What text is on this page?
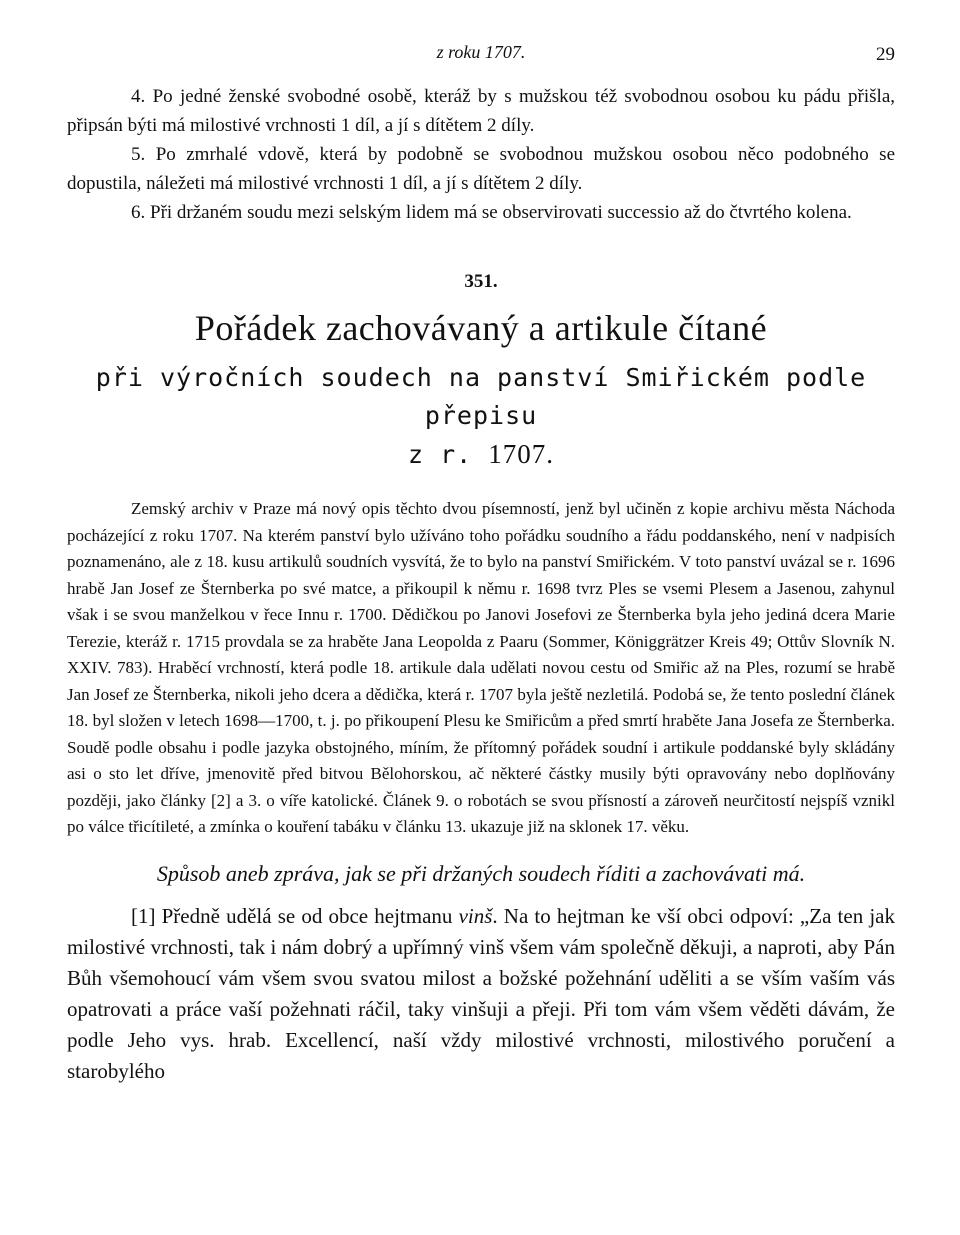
z roku 1707.	29

4. Po jedné ženské svobodné osobě, kteráž by s mužskou též svobodnou osobou ku pádu přišla, připsán býti má milostivé vrchnosti 1 díl, a jí s dítětem 2 díly.

5. Po zmrhalé vdově, která by podobně se svobodnou mužskou osobou něco podobného se dopustila, náležeti má milostivé vrchnosti 1 díl, a jí s dítětem 2 díly.

6. Při držaném soudu mezi selským lidem má se observirovati successio až do čtvrtého kolena.

351.
Pořádek zachovávaný a artikule čítané
při výročních soudech na panství Smiřickém podle přepisu
z r. 1707.

Zemský archiv v Praze má nový opis těchto dvou písemností, jenž byl učiněn z kopie archivu města Náchoda pocházející z roku 1707. Na kterém panství bylo užíváno toho pořádku soudního a řádu poddanského, není v nadpisích poznamenáno, ale z 18. kusu artikulů soudních vysvítá, že to bylo na panství Smiřickém. V toto panství uvázal se r. 1696 hrabě Jan Josef ze Šternberka po své matce, a přikoupil k němu r. 1698 tvrz Ples se vsemi Plesem a Jasenou, zahynul však i se svou manželkou v řece Innu r. 1700. Dědičkou po Janovi Josefovi ze Šternberka byla jeho jediná dcera Marie Terezie, kteráž r. 1715 provdala se za hraběte Jana Leopolda z Paaru (Sommer, Königgrätzer Kreis 49; Ottův Slovník N. XXIV. 783). Hraběcí vrchností, která podle 18. artikule dala udělati novou cestu od Smiřic až na Ples, rozumí se hrabě Jan Josef ze Šternberka, nikoli jeho dcera a dědička, která r. 1707 byla ještě nezletilá. Podobá se, že tento poslední článek 18. byl složen v letech 1698—1700, t. j. po přikoupení Plesu ke Smiřicům a před smrtí hraběte Jana Josefa ze Šternberka. Soudě podle obsahu i podle jazyka obstojného, míním, že přítomný pořádek soudní i artikule poddanské byly skládány asi o sto let dříve, jmenovitě před bitvou Bělohorskou, ač některé částky musily býti opravovány nebo doplňovány později, jako články [2] a 3. o víře katolické. Článek 9. o robotách se svou přísností a zároveň neurčitostí nejspíš vznikl po válce třicítileté, a zmínka o kouření tabáku v článku 13. ukazuje již na sklonek 17. věku.

Spůsob aneb zpráva, jak se při držaných soudech říditi a zachovávati má.

[1] Předně udělá se od obce hejtmanu vinš. Na to hejtman ke vší obci odpoví: „Za ten jak milostivé vrchnosti, tak i nám dobrý a upřímný vinš všem vám společně děkuji, a naproti, aby Pán Bůh všemohoucí vám všem svou svatou milost a božské požehnání uděliti a se vším vaším vás opatrovati a práce vaší požehnati ráčil, taky vinšuji a přeji. Při tom vám všem věděti dávám, že podle Jeho vys. hrab. Excellencí, naší vždy milostivé vrchnosti, milostivého poručení a starobylého
